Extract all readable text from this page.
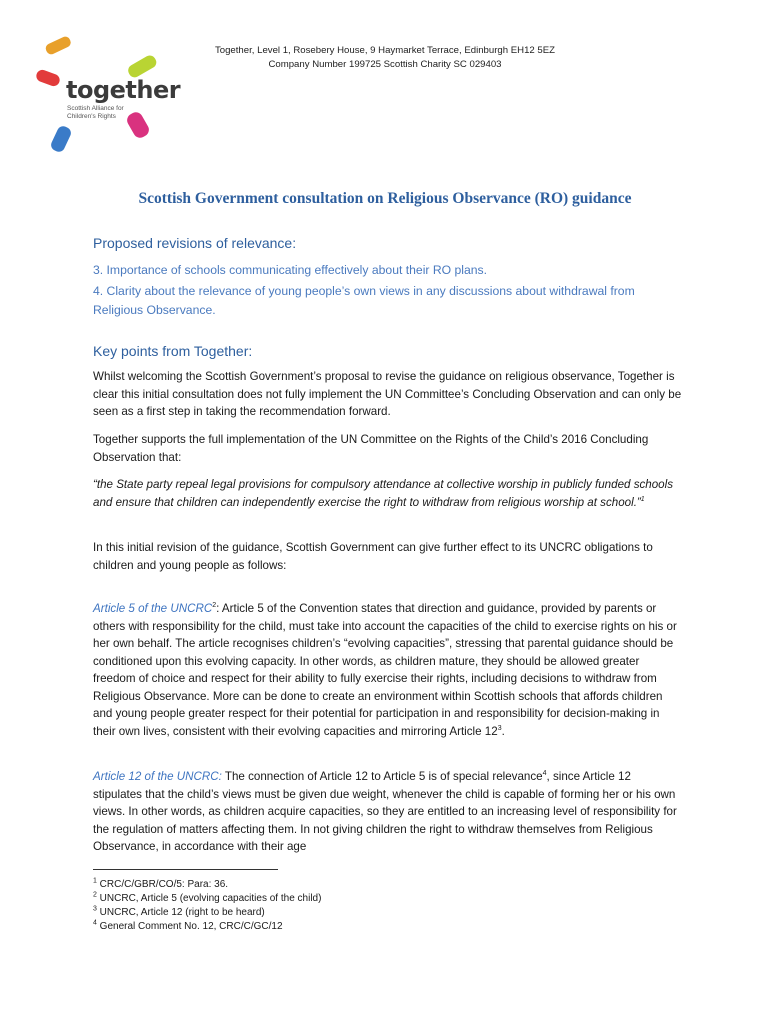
together
Scottish Alliance for Children's Rights
Together, Level 1, Rosebery House, 9 Haymarket Terrace, Edinburgh EH12 5EZ
Company Number 199725 Scottish Charity SC 029403
Scottish Government consultation on Religious Observance (RO) guidance
Proposed revisions of relevance:
3. Importance of schools communicating effectively about their RO plans.
4. Clarity about the relevance of young people’s own views in any discussions about withdrawal from Religious Observance.
Key points from Together:
Whilst welcoming the Scottish Government’s proposal to revise the guidance on religious observance, Together is clear this initial consultation does not fully implement the UN Committee’s Concluding Observation and can only be seen as a first step in taking the recommendation forward.
Together supports the full implementation of the UN Committee on the Rights of the Child’s 2016 Concluding Observation that:
“the State party repeal legal provisions for compulsory attendance at collective worship in publicly funded schools and ensure that children can independently exercise the right to withdraw from religious worship at school.”$^1$
In this initial revision of the guidance, Scottish Government can give further effect to its UNCRC obligations to children and young people as follows:
Article 5 of the UNCRC$^2$: Article 5 of the Convention states that direction and guidance, provided by parents or others with responsibility for the child, must take into account the capacities of the child to exercise rights on his or her own behalf. The article recognises children’s “evolving capacities”, stressing that parental guidance should be conditioned upon this evolving capacity. In other words, as children mature, they should be allowed greater freedom of choice and respect for their ability to fully exercise their rights, including decisions to withdraw from Religious Observance. More can be done to create an environment within Scottish schools that affords children and young people greater respect for their potential for participation in and responsibility for decision-making in their own lives, consistent with their evolving capacities and mirroring Article $12^3$.
Article 12 of the UNCRC: The connection of Article 12 to Article 5 is of special relevance$^4$, since Article 12 stipulates that the child’s views must be given due weight, whenever the child is capable of forming her or his own views. In other words, as children acquire capacities, so they are entitled to an increasing level of responsibility for the regulation of matters affecting them. In not giving children the right to withdraw themselves from Religious Observance, in accordance with their age
$^1$ CRC/C/GBR/CO/5: Para: 36.
$^2$ UNCRC, Article 5 (evolving capacities of the child)
$^3$ UNCRC, Article 12 (right to be heard)
$^4$ General Comment No. 12, CRC/C/GC/12
